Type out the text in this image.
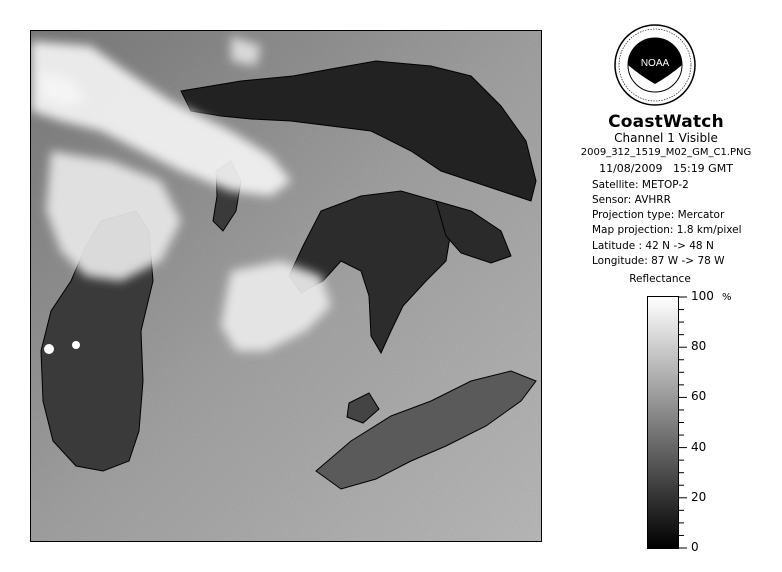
NOAA
CoastWatch
Channel 1 Visible
2009_312_1519_M02_GM_C1.PNG
11/08/2009 15:19 GMT
Satellite: METOP-2
Sensor: AVHRR
Projection type: Mercator
Map projection: 1.8 km/pixel
Latitude : 42 N -> 48 N
Longitude: 87 W -> 78 W
Reflectance
%
100
80
60
40
20
0
